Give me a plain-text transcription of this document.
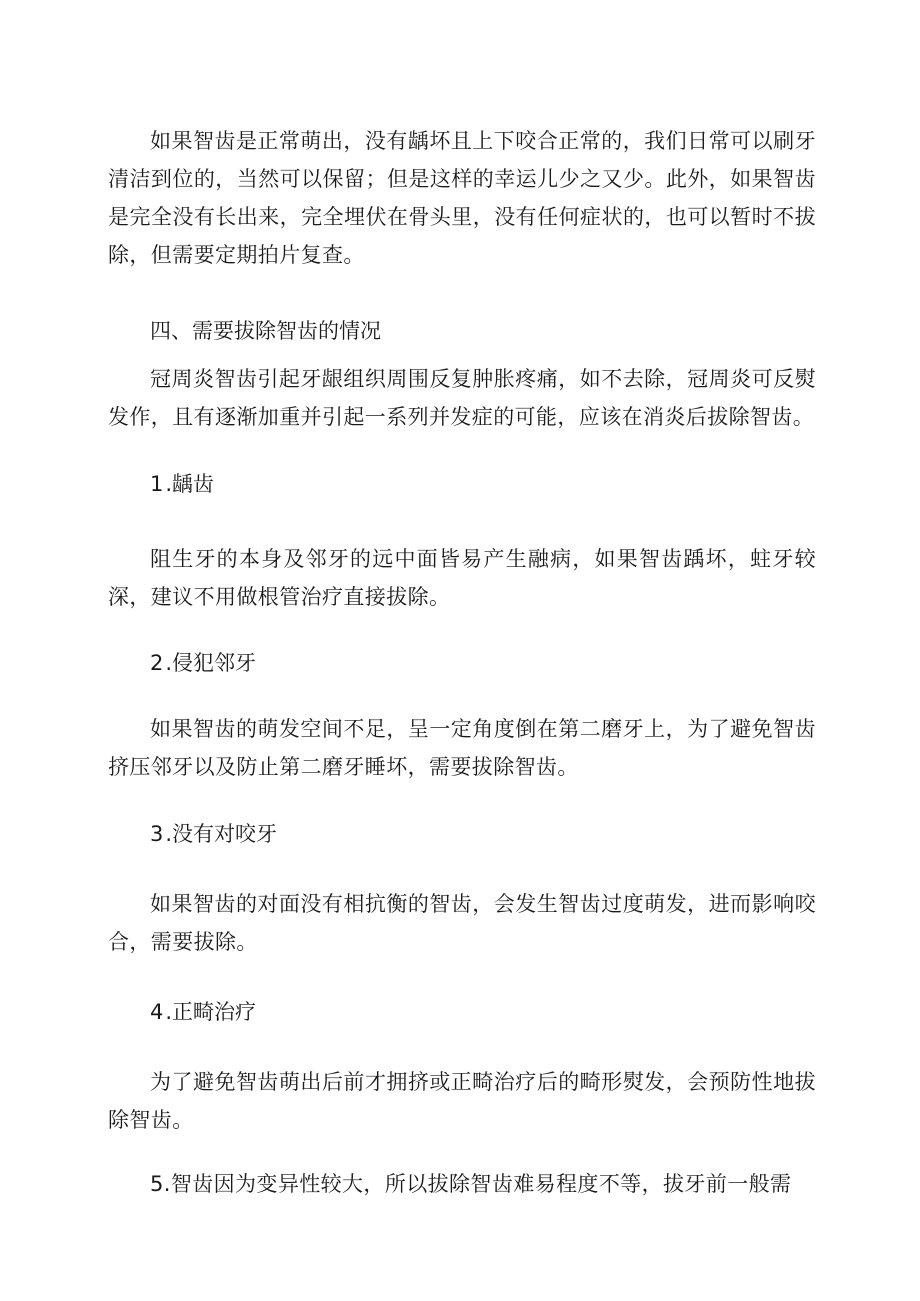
如果智齿是正常萌出，没有龋坏且上下咬合正常的，我们日常可以刷牙清洁到位的，当然可以保留；但是这样的幸运儿少之又少。此外，如果智齿是完全没有长出来，完全埋伏在骨头里，没有任何症状的，也可以暂时不拔除，但需要定期拍片复查。

四、需要拔除智齿的情况

冠周炎智齿引起牙龈组织周围反复肿胀疼痛，如不去除，冠周炎可反熨发作，且有逐渐加重并引起一系列并发症的可能，应该在消炎后拔除智齿。

1.龋齿

阻生牙的本身及邻牙的远中面皆易产生融病，如果智齿踽坏，蛀牙较深，建议不用做根管治疗直接拔除。

2.侵犯邻牙

如果智齿的萌发空间不足，呈一定角度倒在第二磨牙上，为了避免智齿挤压邻牙以及防止第二磨牙睡坏，需要拔除智齿。

3.没有对咬牙

如果智齿的对面没有相抗衡的智齿，会发生智齿过度萌发，进而影响咬合，需要拔除。

4.正畸治疗

为了避免智齿萌出后前才拥挤或正畸治疗后的畸形熨发，会预防性地拔除智齿。

5.智齿因为变异性较大，所以拔除智齿难易程度不等，拔牙前一般需
